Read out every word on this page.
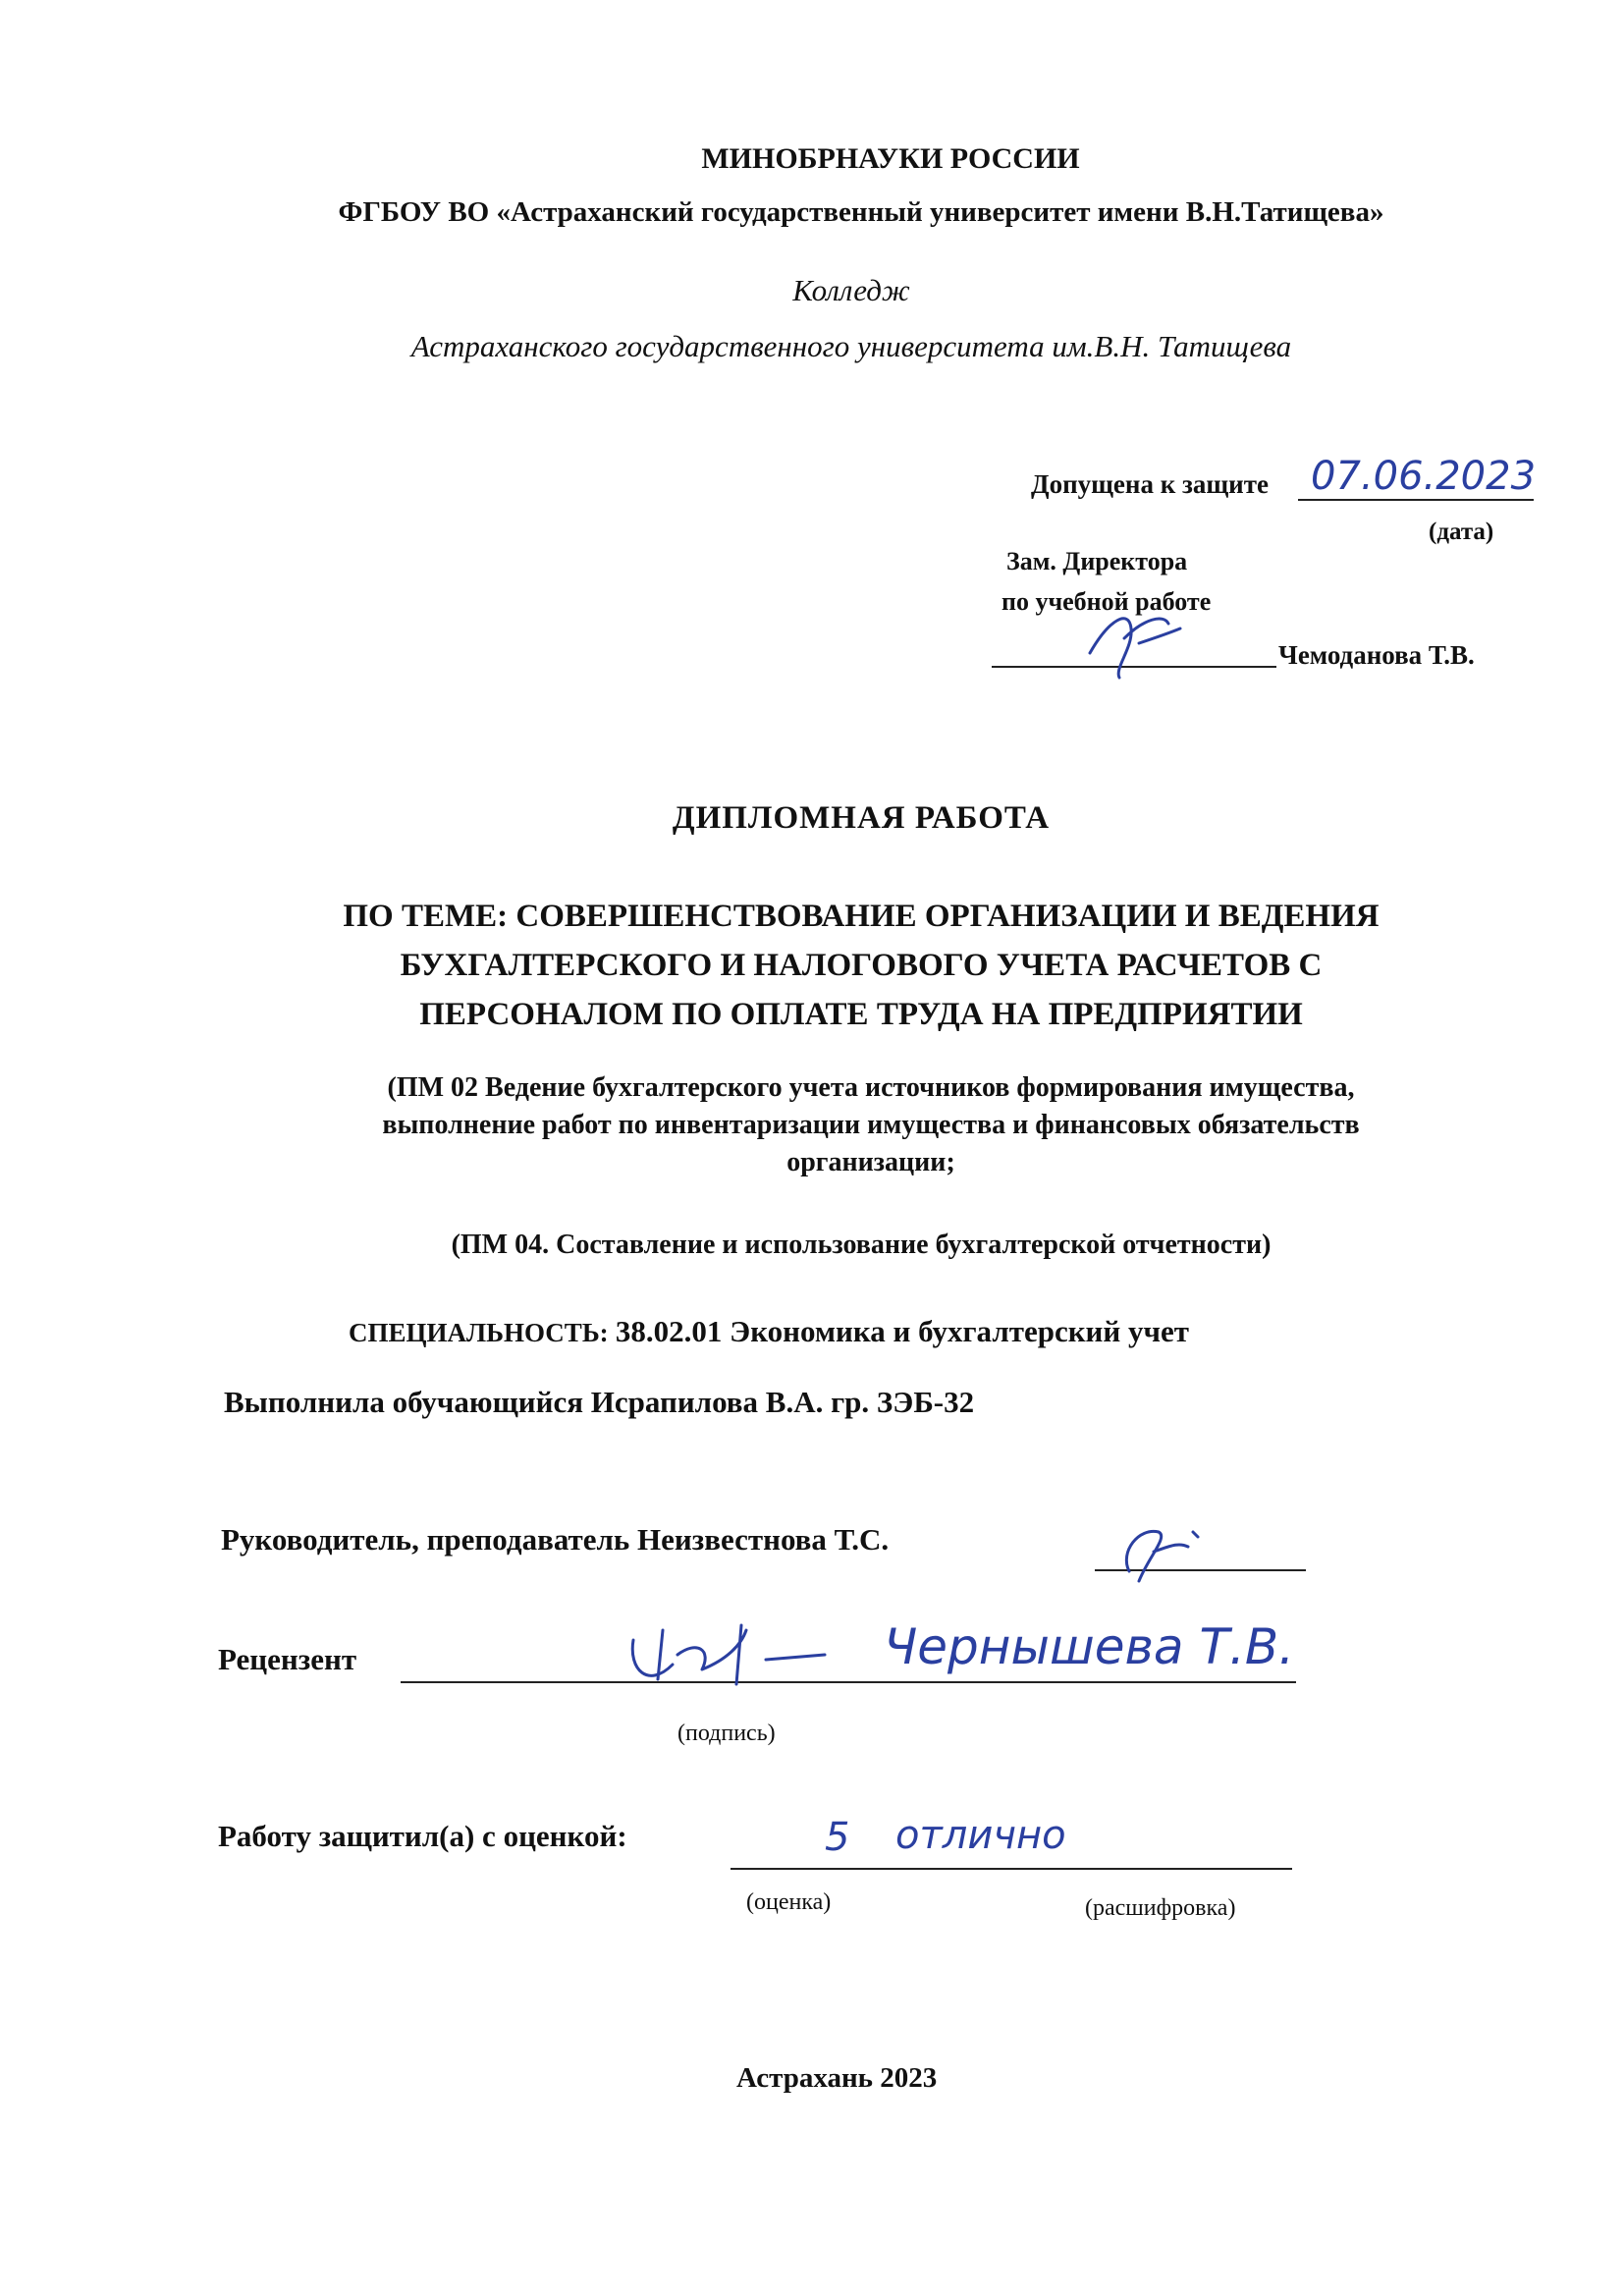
МИНОБРНАУКИ РОССИИ
ФГБОУ ВО «Астраханский государственный университет имени В.Н.Татищева»
Колледж
Астраханского государственного университета им.В.Н. Татищева
Допущена к защите 07.06.2023
(дата)
Зам. Директора
по учебной работе
Чемоданова Т.В.
ДИПЛОМНАЯ РАБОТА
ПО ТЕМЕ: СОВЕРШЕНСТВОВАНИЕ ОРГАНИЗАЦИИ И ВЕДЕНИЯ
БУХГАЛТЕРСКОГО И НАЛОГОВОГО УЧЕТА РАСЧЕТОВ С
ПЕРСОНАЛОМ ПО ОПЛАТЕ ТРУДА НА ПРЕДПРИЯТИИ
(ПМ 02 Ведение бухгалтерского учета источников формирования имущества,
выполнение работ по инвентаризации имущества и финансовых обязательств
организации;
(ПМ 04. Составление и использование бухгалтерской отчетности)
СПЕЦИАЛЬНОСТЬ: 38.02.01 Экономика и бухгалтерский учет
Выполнила обучающийся Исрапилова В.А. гр. ЗЭБ-32
Руководитель, преподаватель Неизвестнова Т.С.
Рецензент	Чернышева Т.В.
(подпись)
Работу защитил(а) с оценкой:	5 отлично
(оценка)	(расшифровка)
Астрахань 2023
